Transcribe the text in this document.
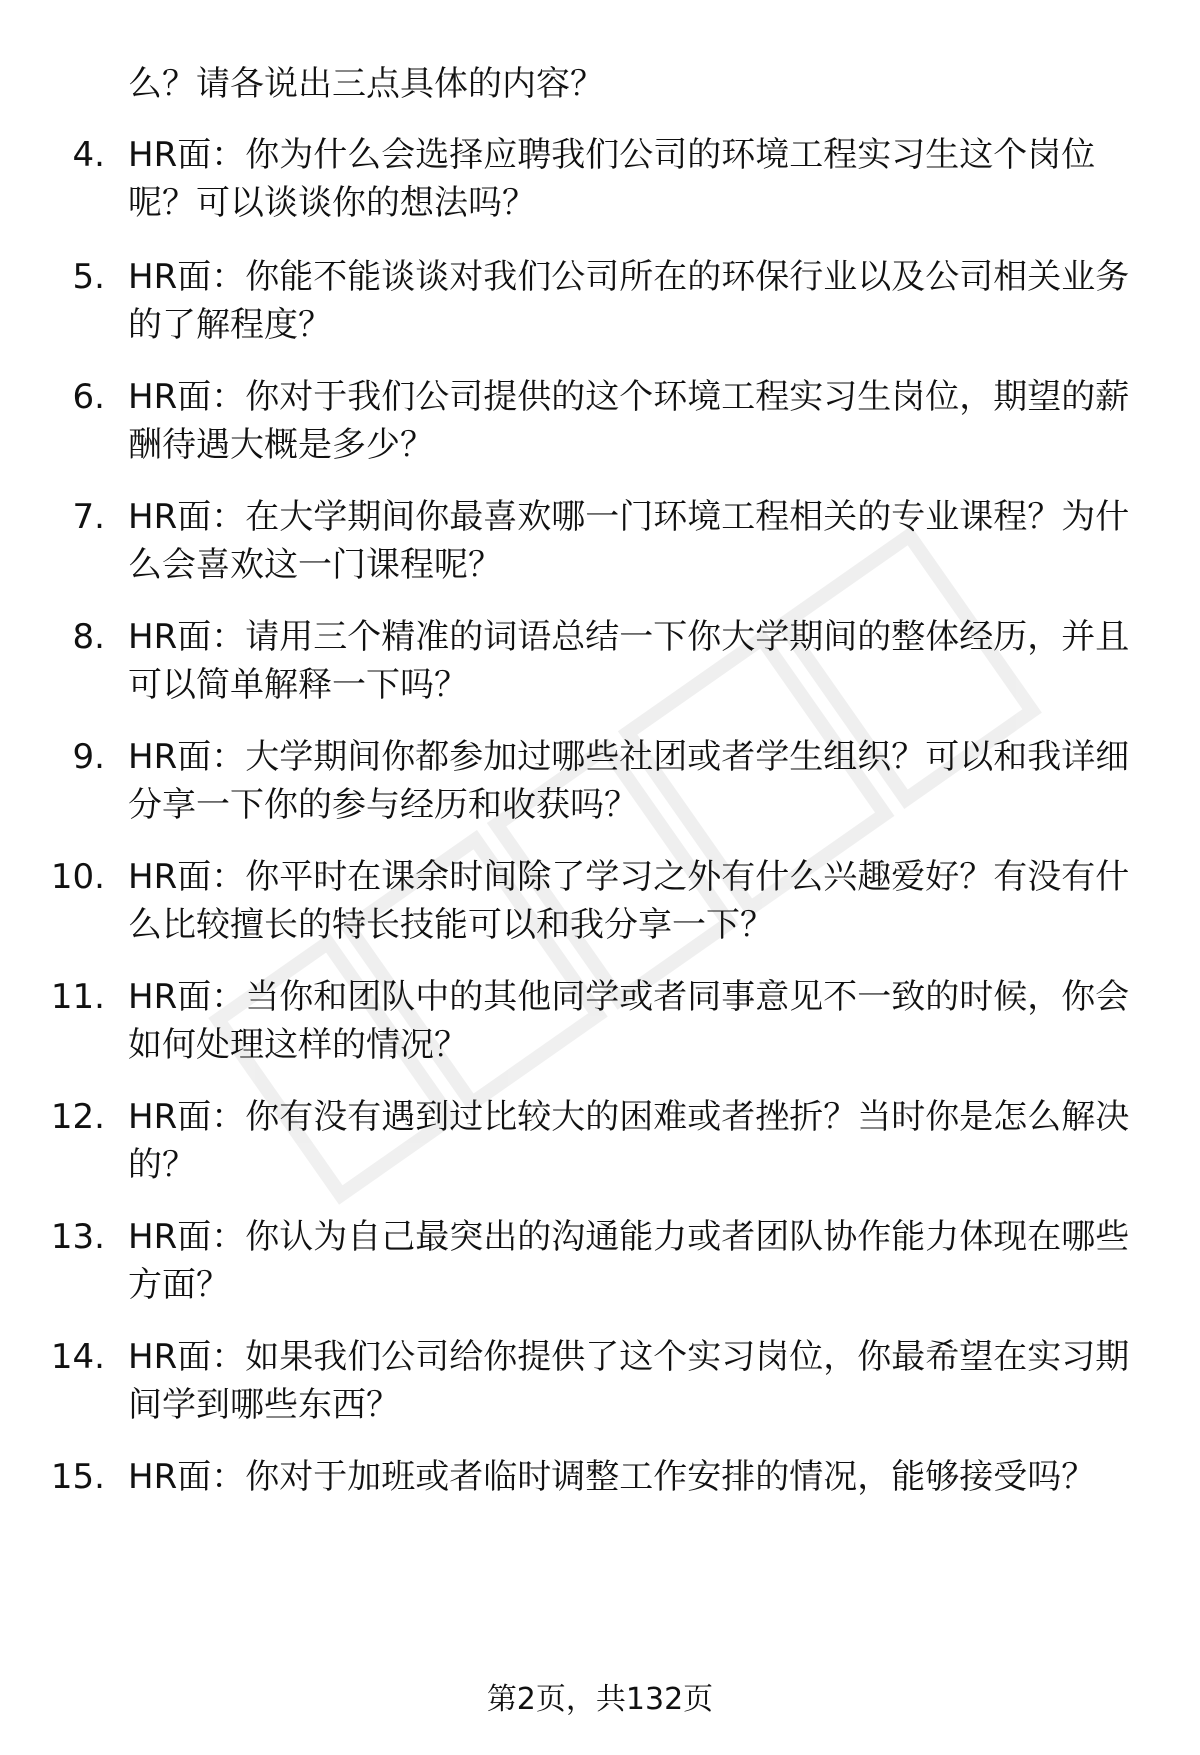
么？请各说出三点具体的内容？
4. HR面：你为什么会选择应聘我们公司的环境工程实习生这个岗位呢？可以谈谈你的想法吗？
5. HR面：你能不能谈谈对我们公司所在的环保行业以及公司相关业务的了解程度？
6. HR面：你对于我们公司提供的这个环境工程实习生岗位，期望的薪酬待遇大概是多少？
7. HR面：在大学期间你最喜欢哪一门环境工程相关的专业课程？为什么会喜欢这一门课程呢？
8. HR面：请用三个精准的词语总结一下你大学期间的整体经历，并且可以简单解释一下吗？
9. HR面：大学期间你都参加过哪些社团或者学生组织？可以和我详细分享一下你的参与经历和收获吗？
10. HR面：你平时在课余时间除了学习之外有什么兴趣爱好？有没有什么比较擅长的特长技能可以和我分享一下？
11. HR面：当你和团队中的其他同学或者同事意见不一致的时候，你会如何处理这样的情况？
12. HR面：你有没有遇到过比较大的困难或者挫折？当时你是怎么解决的？
13. HR面：你认为自己最突出的沟通能力或者团队协作能力体现在哪些方面？
14. HR面：如果我们公司给你提供了这个实习岗位，你最希望在实习期间学到哪些东西？
15. HR面：你对于加班或者临时调整工作安排的情况，能够接受吗？
第2页，共132页
